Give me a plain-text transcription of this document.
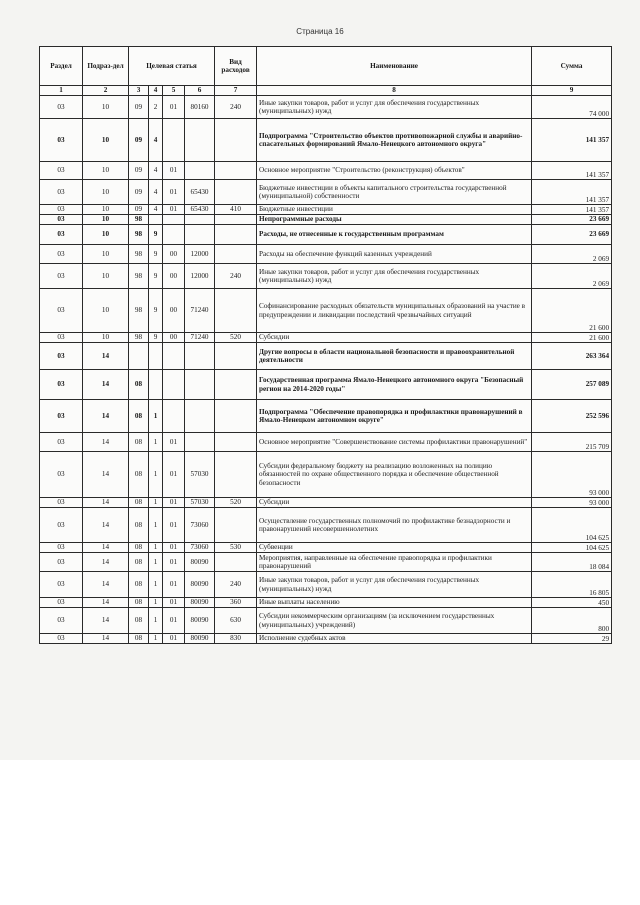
Страница 16
Раздел	Подраз-дел	Целевая статья				Вид расходов	Наименование	Сумма
1	2	3	4	5	6	7	8	9
03	10	09	2	01	80160	240	Иные закупки товаров, работ и услуг для обеспечения государственных (муниципальных) нужд	74 000
03	10	09	4				Подпрограмма "Строительство объектов противопожарной службы и аварийно-спасательных формирований Ямало-Ненецкого автономного округа"	141 357
03	10	09	4	01			Основное мероприятие "Строительство (реконструкция) объектов"	141 357
03	10	09	4	01	65430		Бюджетные инвестиции в объекты капитального строительства государственной (муниципальной) собственности	141 357
03	10	09	4	01	65430	410	Бюджетные инвестиции	141 357
03	10	98					Непрограммные расходы	23 669
03	10	98	9				Расходы, не отнесенные к государственным программам	23 669
03	10	98	9	00	12000		Расходы на обеспечение функций казенных учреждений	2 069
03	10	98	9	00	12000	240	Иные закупки товаров, работ и услуг для обеспечения государственных (муниципальных) нужд	2 069
03	10	98	9	00	71240		Софинансирование расходных обязательств муниципальных образований на участие в предупреждении и ликвидации последствий чрезвычайных ситуаций	21 600
03	10	98	9	00	71240	520	Субсидии	21 600
03	14						Другие вопросы в области национальной безопасности и правоохранительной деятельности	263 364
03	14	08					Государственная программа Ямало-Ненецкого автономного округа "Безопасный регион на 2014-2020 годы"	257 089
03	14	08	1				Подпрограмма "Обеспечение правопорядка и профилактики правонарушений в Ямало-Ненецком автономном округе"	252 596
03	14	08	1	01			Основное мероприятие "Совершенствование системы профилактики правонарушений"	215 709
03	14	08	1	01	57030		Субсидии федеральному бюджету на реализацию возложенных на полицию обязанностей по охране общественного порядка и обеспечение общественной безопасности	93 000
03	14	08	1	01	57030	520	Субсидии	93 000
03	14	08	1	01	73060		Осуществление государственных полномочий по профилактике безнадзорности и правонарушений несовершеннолетних	104 625
03	14	08	1	01	73060	530	Субвенции	104 625
03	14	08	1	01	80090		Мероприятия, направленные на обеспечение правопорядка и профилактики правонарушений	18 084
03	14	08	1	01	80090	240	Иные закупки товаров, работ и услуг для обеспечения государственных (муниципальных) нужд	16 805
03	14	08	1	01	80090	360	Иные выплаты населению	450
03	14	08	1	01	80090	630	Субсидии некоммерческим организациям (за исключением государственных (муниципальных) учреждений)	800
03	14	08	1	01	80090	830	Исполнение судебных актов	29
